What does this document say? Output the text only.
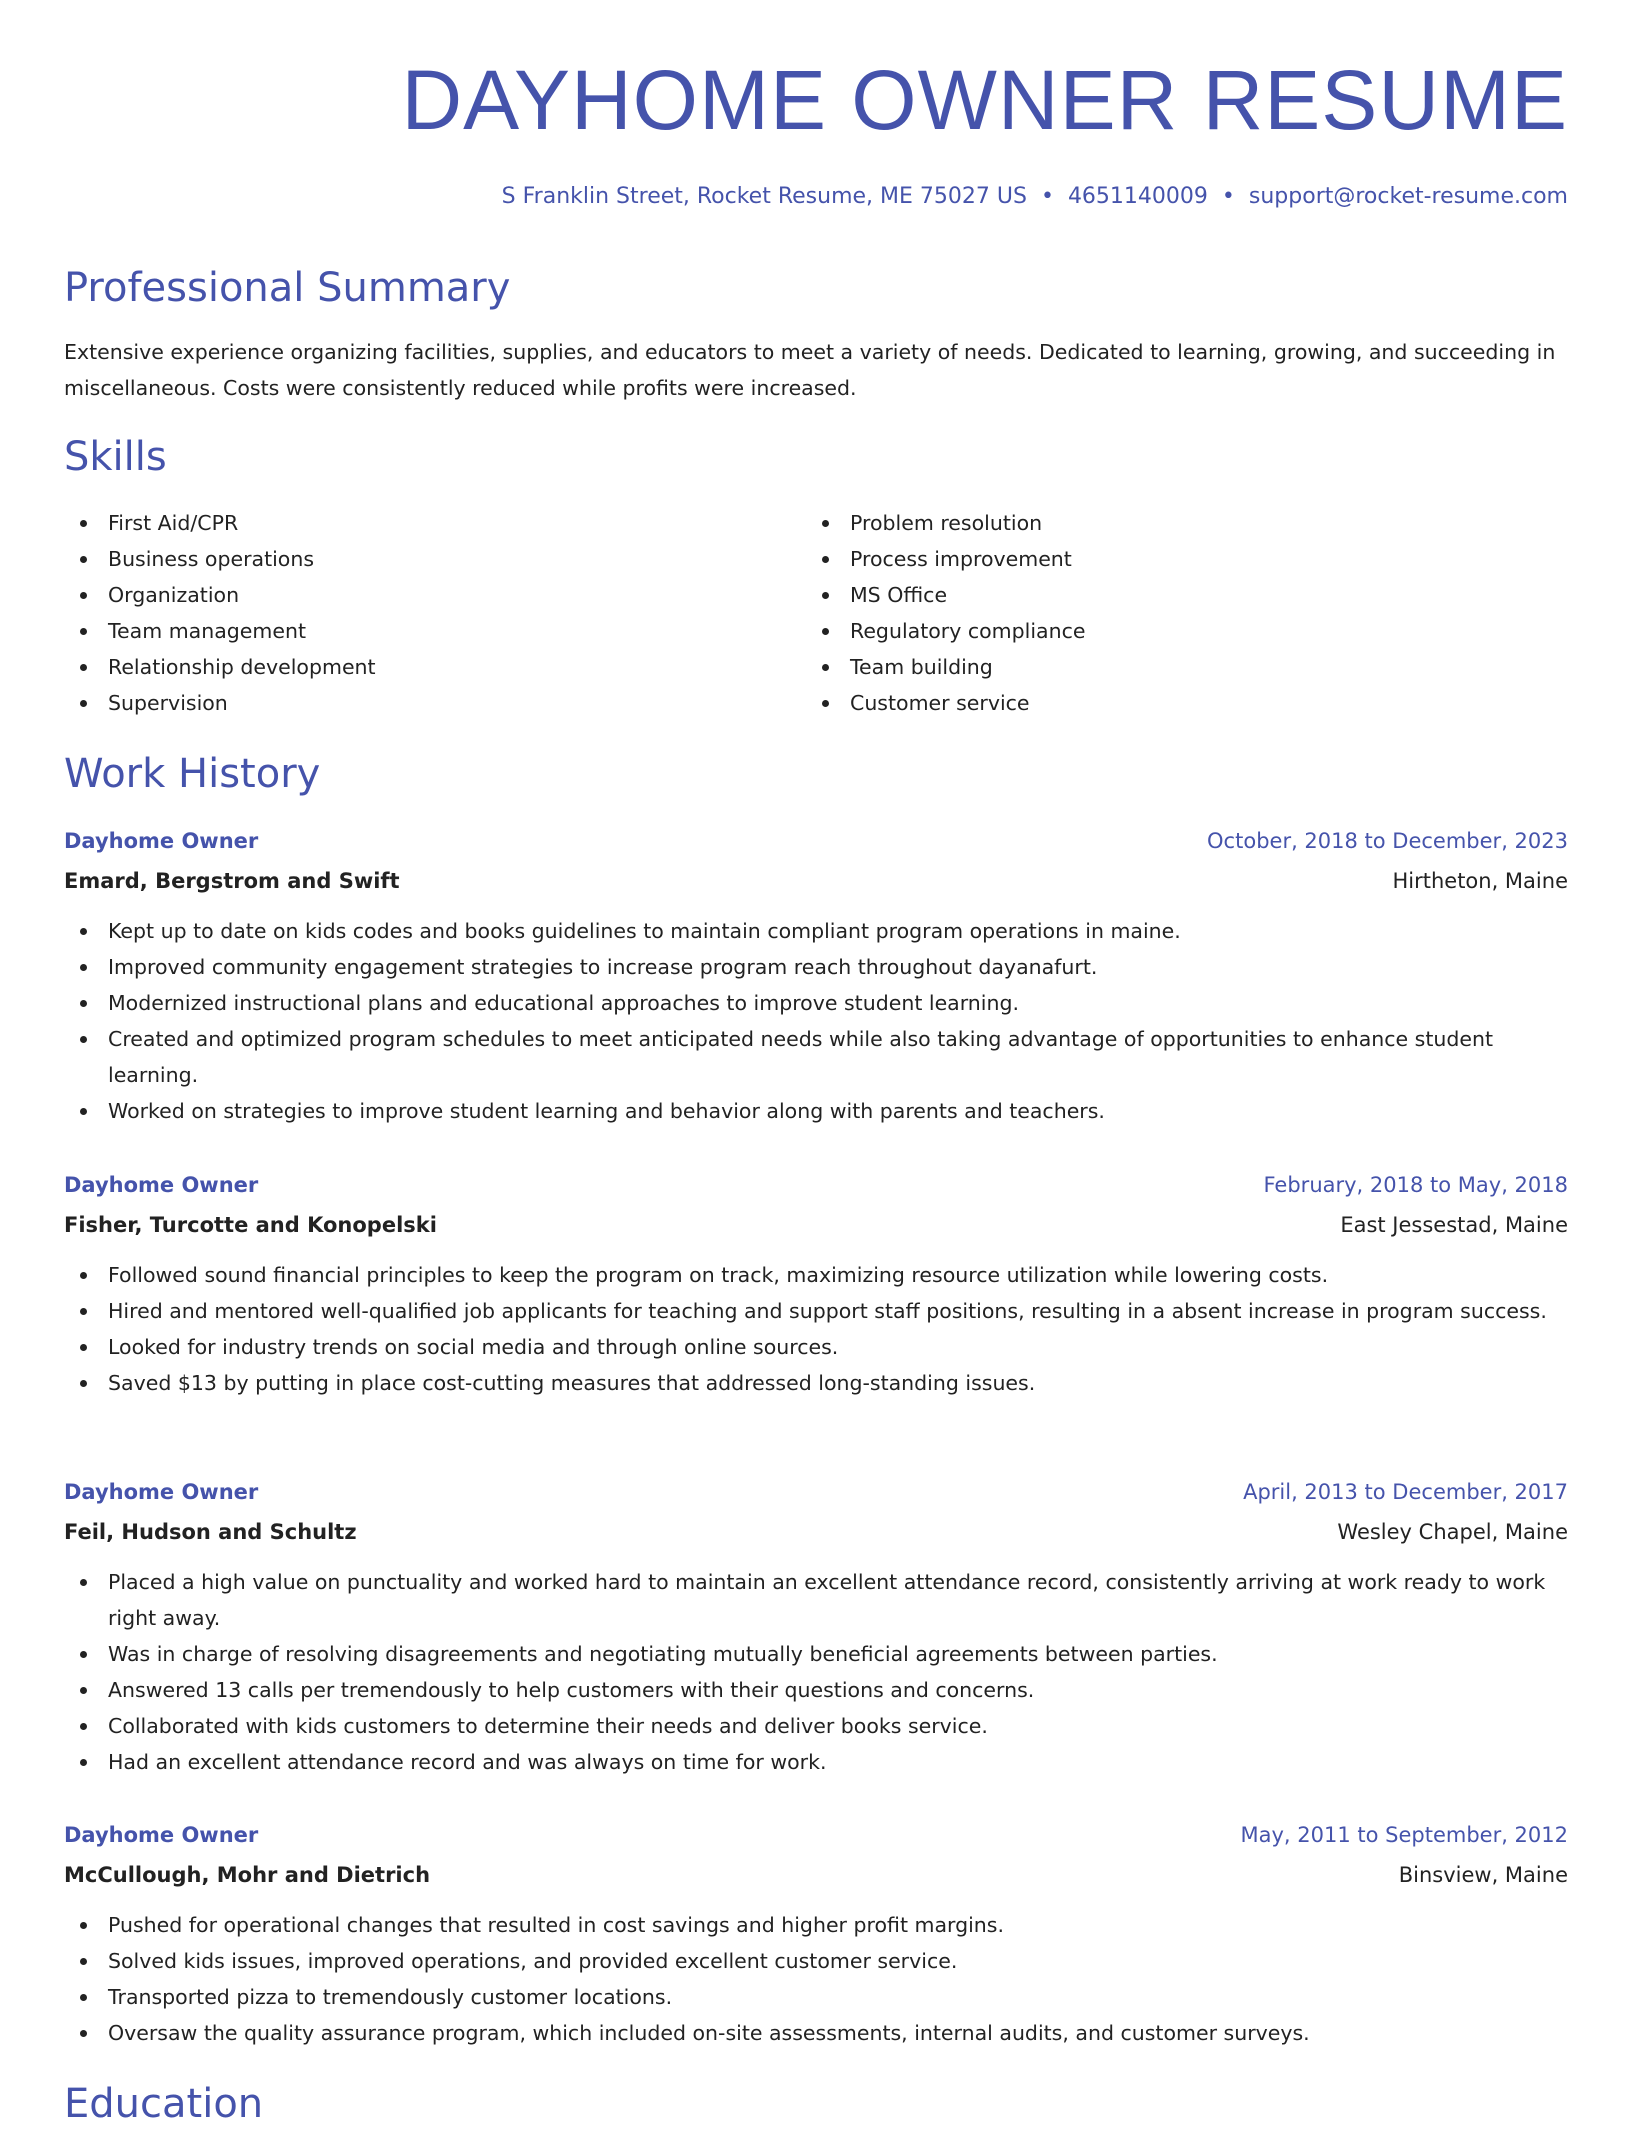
DAYHOME OWNER RESUME
S Franklin Street, Rocket Resume, ME 75027 US • 4651140009 • support@rocket-resume.com
Professional Summary

Extensive experience organizing facilities, supplies, and educators to meet a variety of needs. Dedicated to learning, growing, and succeeding in miscellaneous. Costs were consistently reduced while profits were increased.

Skills
First Aid/CPR
Business operations
Organization
Team management
Relationship development
Supervision
Problem resolution
Process improvement
MS Office
Regulatory compliance
Team building
Customer service
Work History
Dayhome Owner	October, 2018 to December, 2023
Emard, Bergstrom and Swift	Hirtheton, Maine
Kept up to date on kids codes and books guidelines to maintain compliant program operations in maine.
Improved community engagement strategies to increase program reach throughout dayanafurt.
Modernized instructional plans and educational approaches to improve student learning.
Created and optimized program schedules to meet anticipated needs while also taking advantage of opportunities to enhance student learning.
Worked on strategies to improve student learning and behavior along with parents and teachers.
Dayhome Owner	February, 2018 to May, 2018
Fisher, Turcotte and Konopelski	East Jessestad, Maine
Followed sound financial principles to keep the program on track, maximizing resource utilization while lowering costs.
Hired and mentored well-qualified job applicants for teaching and support staff positions, resulting in a absent increase in program success.
Looked for industry trends on social media and through online sources.
Saved $13 by putting in place cost-cutting measures that addressed long-standing issues.
Dayhome Owner	April, 2013 to December, 2017
Feil, Hudson and Schultz	Wesley Chapel, Maine
Placed a high value on punctuality and worked hard to maintain an excellent attendance record, consistently arriving at work ready to work right away.
Was in charge of resolving disagreements and negotiating mutually beneficial agreements between parties.
Answered 13 calls per tremendously to help customers with their questions and concerns.
Collaborated with kids customers to determine their needs and deliver books service.
Had an excellent attendance record and was always on time for work.
Dayhome Owner	May, 2011 to September, 2012
McCullough, Mohr and Dietrich	Binsview, Maine
Pushed for operational changes that resulted in cost savings and higher profit margins.
Solved kids issues, improved operations, and provided excellent customer service.
Transported pizza to tremendously customer locations.
Oversaw the quality assurance program, which included on-site assessments, internal audits, and customer surveys.
Education
